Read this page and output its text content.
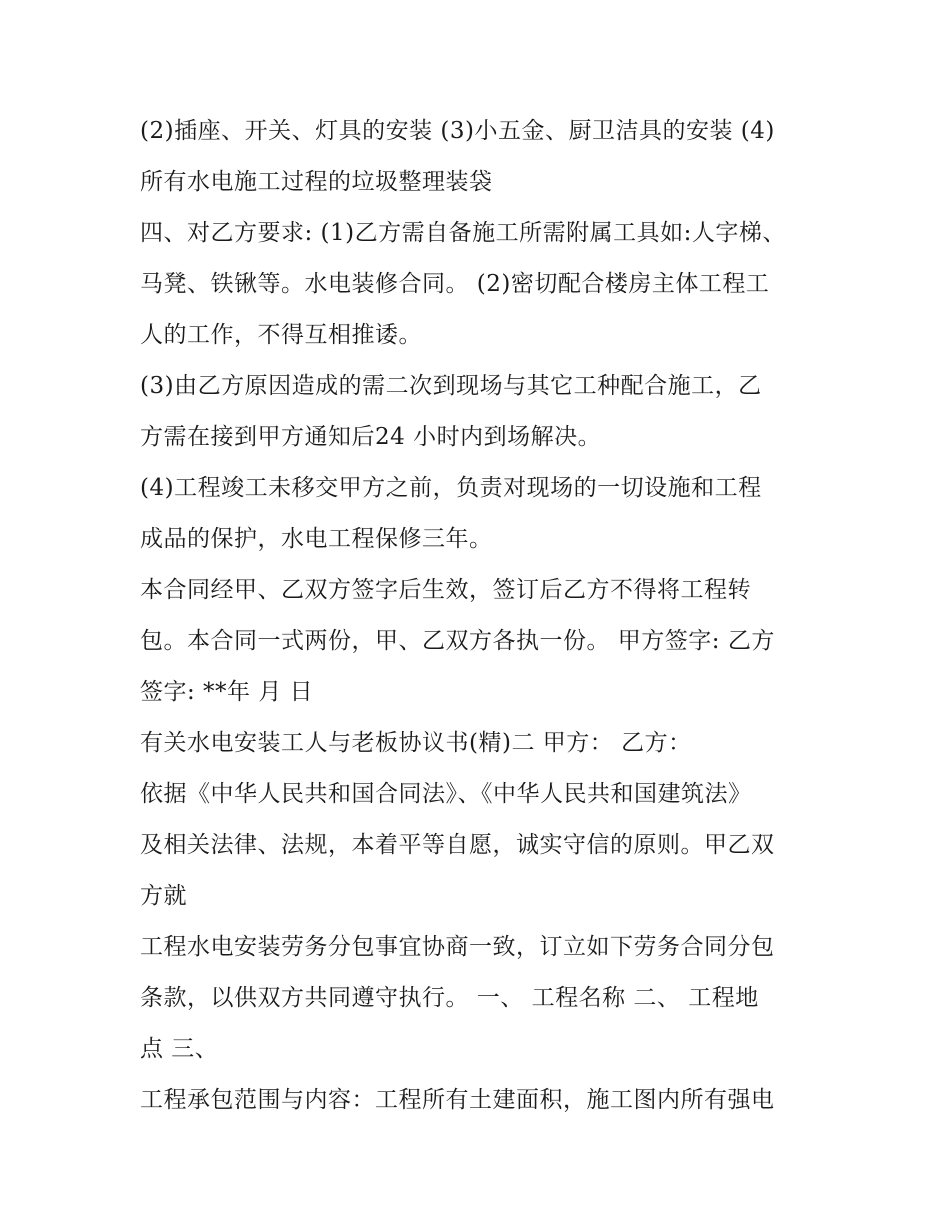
(2)插座、开关、灯具的安装 (3)小五金、厨卫洁具的安装 (4)
所有水电施工过程的垃圾整理装袋
四、对乙方要求: (1)乙方需自备施工所需附属工具如:人字梯、
马凳、铁锹等。水电装修合同。 (2)密切配合楼房主体工程工
人的工作，不得互相推诿。
(3)由乙方原因造成的需二次到现场与其它工种配合施工，乙
方需在接到甲方通知后24 小时内到场解决。
(4)工程竣工未移交甲方之前，负责对现场的一切设施和工程
成品的保护，水电工程保修三年。
本合同经甲、乙双方签字后生效，签订后乙方不得将工程转
包。本合同一式两份，甲、乙双方各执一份。 甲方签字: 乙方
签字: **年 月 日
有关水电安装工人与老板协议书(精)二 甲方： 乙方：
依据《中华人民共和国合同法》、《中华人民共和国建筑法》
及相关法律、法规，本着平等自愿，诚实守信的原则。甲乙双
方就
工程水电安装劳务分包事宜协商一致，订立如下劳务合同分包
条款，以供双方共同遵守执行。 一、 工程名称 二、 工程地
点 三、
工程承包范围与内容：工程所有土建面积，施工图内所有强电
